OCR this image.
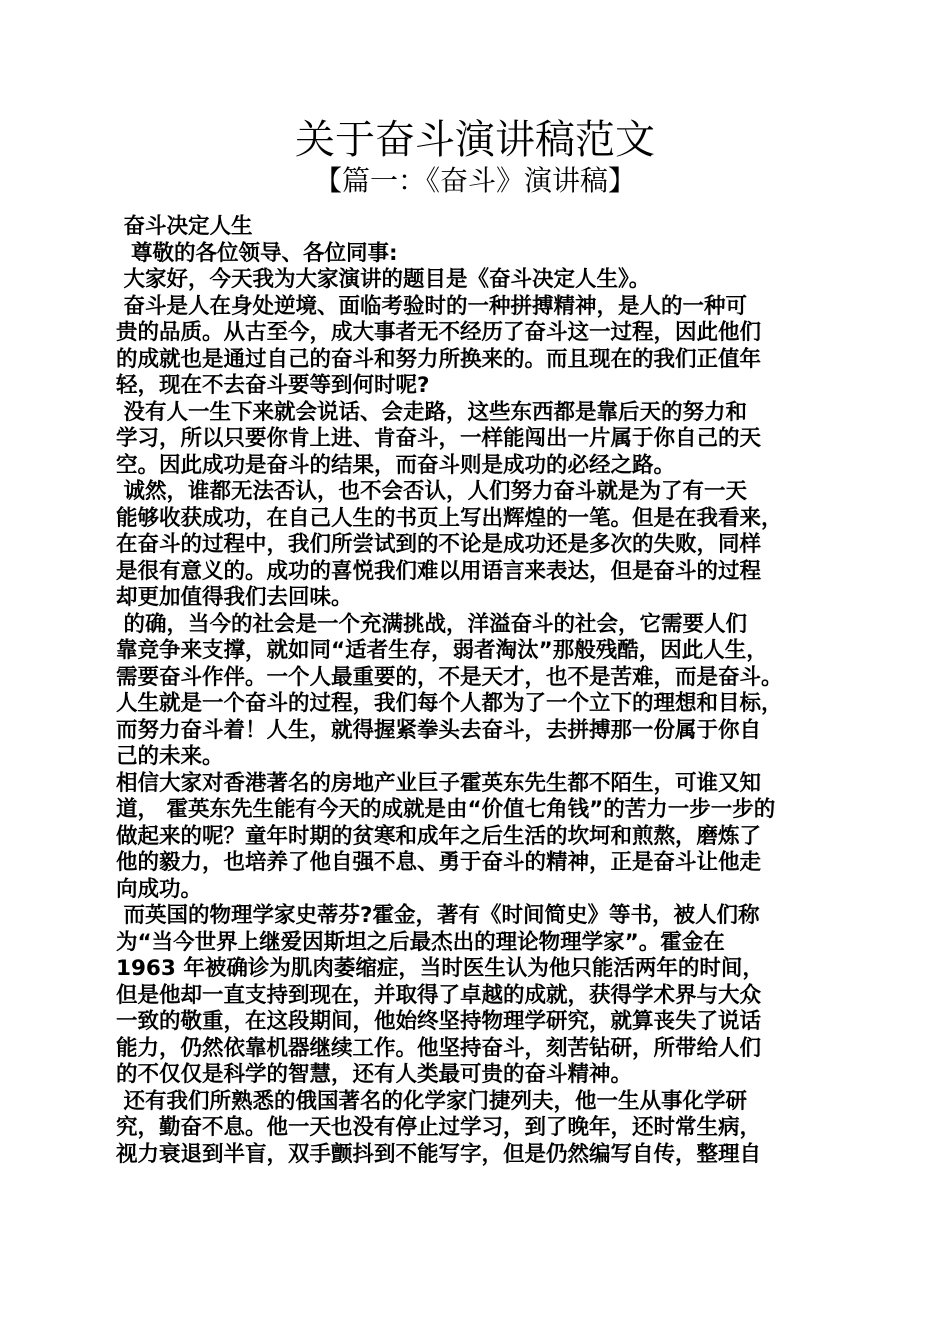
关于奋斗演讲稿范文
【篇一：《奋斗》演讲稿】
奋斗决定人生
尊敬的各位领导、各位同事:
大家好，今天我为大家演讲的题目是《奋斗决定人生》。
奋斗是人在身处逆境、面临考验时的一种拼搏精神，是人的一种可
贵的品质。从古至今，成大事者无不经历了奋斗这一过程，因此他们
的成就也是通过自己的奋斗和努力所换来的。而且现在的我们正值年
轻，现在不去奋斗要等到何时呢?
没有人一生下来就会说话、会走路，这些东西都是靠后天的努力和
学习，所以只要你肯上进、肯奋斗，一样能闯出一片属于你自己的天
空。因此成功是奋斗的结果，而奋斗则是成功的必经之路。
诚然，谁都无法否认，也不会否认，人们努力奋斗就是为了有一天
能够收获成功，在自己人生的书页上写出辉煌的一笔。但是在我看来，
在奋斗的过程中，我们所尝试到的不论是成功还是多次的失败，同样
是很有意义的。成功的喜悦我们难以用语言来表达，但是奋斗的过程
却更加值得我们去回味。
的确，当今的社会是一个充满挑战，洋溢奋斗的社会，它需要人们
靠竞争来支撑，就如同“适者生存，弱者淘汰”那般残酷，因此人生，
需要奋斗作伴。一个人最重要的，不是天才，也不是苦难，而是奋斗。
人生就是一个奋斗的过程，我们每个人都为了一个立下的理想和目标，
而努力奋斗着！人生，就得握紧拳头去奋斗，去拼搏那一份属于你自
己的未来。
相信大家对香港著名的房地产业巨子霍英东先生都不陌生，可谁又知
道， 霍英东先生能有今天的成就是由“价值七角钱”的苦力一步一步的
做起来的呢？童年时期的贫寒和成年之后生活的坎坷和煎熬，磨炼了
他的毅力，也培养了他自强不息、勇于奋斗的精神，正是奋斗让他走
向成功。
而英国的物理学家史蒂芬?霍金，著有《时间简史》等书，被人们称
为“当今世界上继爱因斯坦之后最杰出的理论物理学家”。霍金在
1963 年被确诊为肌肉萎缩症，当时医生认为他只能活两年的时间，
但是他却一直支持到现在，并取得了卓越的成就，获得学术界与大众
一致的敬重，在这段期间，他始终坚持物理学研究，就算丧失了说话
能力，仍然依靠机器继续工作。他坚持奋斗，刻苦钻研，所带给人们
的不仅仅是科学的智慧，还有人类最可贵的奋斗精神。
还有我们所熟悉的俄国著名的化学家门捷列夫，他一生从事化学研
究，勤奋不息。他一天也没有停止过学习，到了晚年，还时常生病，
视力衰退到半盲，双手颤抖到不能写字，但是仍然编写自传，整理自
